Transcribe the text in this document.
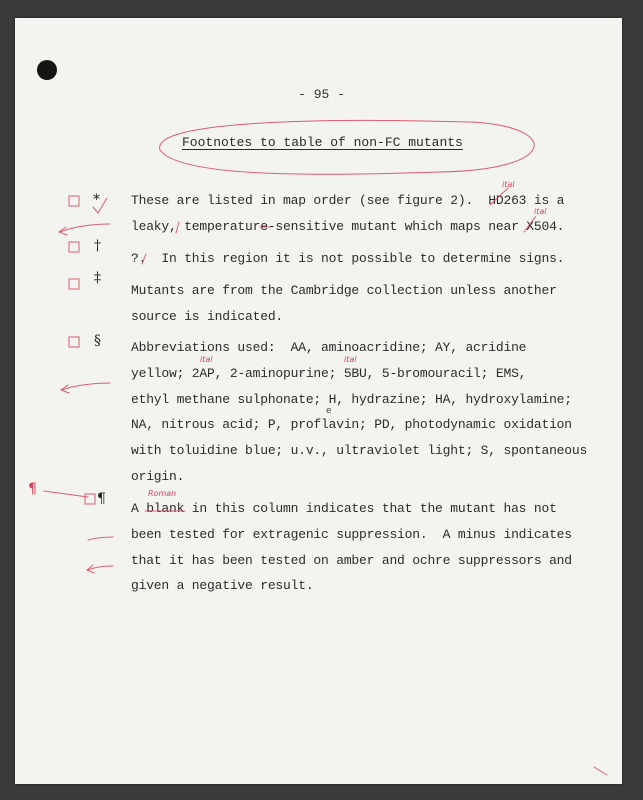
- 95 -
Footnotes to table of non-FC mutants
*
†
‡
§
¶
These are listed in map order (see figure 2).  HD263 is a
leaky, temperature-sensitive mutant which maps near X504.
?.  In this region it is not possible to determine signs.
Mutants are from the Cambridge collection unless another
source is indicated.
Abbreviations used:  AA, aminoacridine; AY, acridine
yellow; 2AP, 2-aminopurine; 5BU, 5-bromouracil; EMS,
ethyl methane sulphonate; H, hydrazine; HA, hydroxylamine;
NA, nitrous acid; P, proflavin; PD, photodynamic oxidation
with toluidine blue; u.v., ultraviolet light; S, spontaneous
origin.
A blank in this column indicates that the mutant has not
been tested for extragenic suppression.  A minus indicates
that it has been tested on amber and ochre suppressors and
given a negative result.
¶	Roman
ital
ital
ital	ital
e
